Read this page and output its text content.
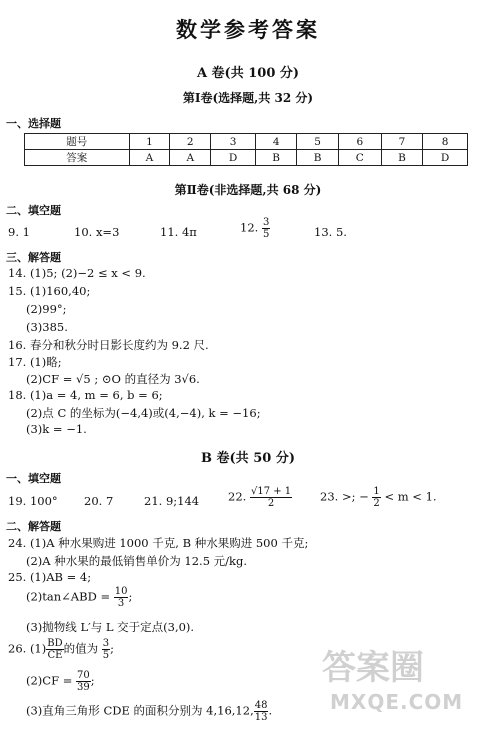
数学参考答案
A 卷(共 100 分)
第Ⅰ卷(选择题,共 32 分)
一、选择题
题号	1	2	3	4	5	6	7	8
答案	A	A	D	B	B	C	B	D
第Ⅱ卷(非选择题,共 68 分)
二、填空题
9. 1	10. x=3	11. 4π	12. $\frac{3}{5}$	13. 5.
三、解答题
14. (1)5; (2)−2 ≤ x < 9.
15. (1)160,40;
(2)99°;
(3)385.
16. 春分和秋分时日影长度约为 9.2 尺.
17. (1)略;
(2)CF = √5 ; ⊙O 的直径为 3√6.
18. (1)a = 4, m = 6, b = 6;
(2)点 C 的坐标为(−4,4)或(4,−4), k = −16;
(3)k = −1.
B 卷(共 50 分)
一、填空题
19. 100° 20. 7	21. 9;144	22. $\frac{√17 + 1}{2} 23$. >; − $\frac{1}{2} < m < 1$.
二、解答题
24. (1)A 种水果购进 1000 千克, B 种水果购进 500 千克;
(2)A 种水果的最低销售单价为 12.5 元/kg.
25. (1)AB = 4;
(2)tan∠ABD = $\frac{10}{3}$ ;
(3)抛物线 L′与 L 交于定点(3,0).
26. $(1) \frac{BD}{CE}$ 的值为 $\frac{3}{5}$ ;
$(2)CF = \frac{70}{39}$ ;
(3)直角三角形 CDE 的面积分别为 4,16,12, $\frac{48}{13}$ .
答案圈
MXQE.COM
